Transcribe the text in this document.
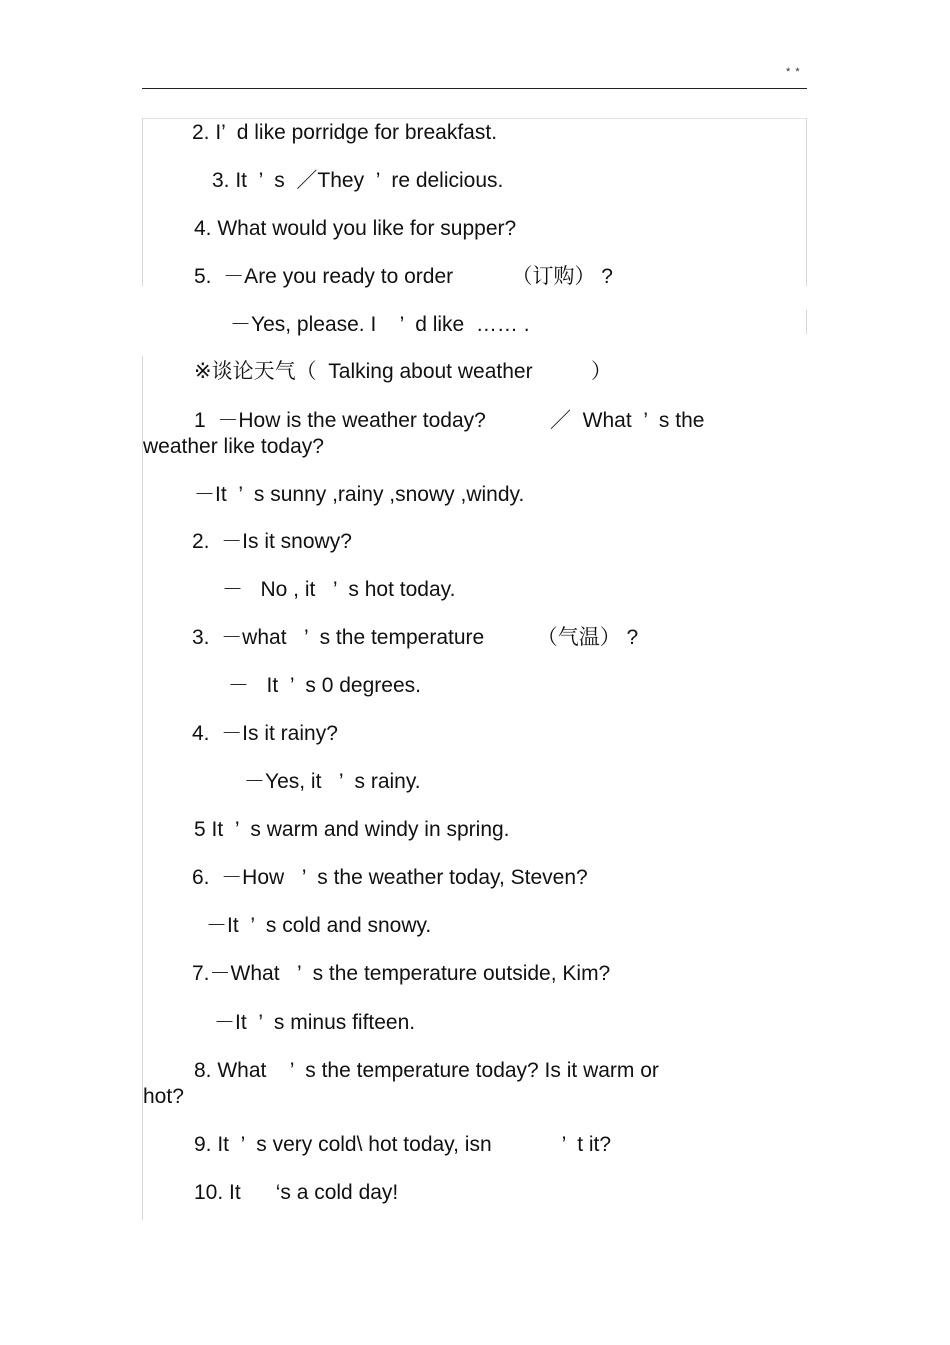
* *
2. I’  d like porridge for breakfast.
3. It  ’  s  ／They  ’  re delicious.
4. What would you like for supper?
5.  －Are you ready to order          （订购） ?
－Yes, please. I    ’  d like  …… .
※谈论天气（  Talking about weather          ）
1  －How is the weather today?           ／  What  ’  s the
weather like today?
－It  ’  s sunny ,rainy ,snowy ,windy.
2.  －Is it snowy?
－   No , it   ’  s hot today.
3.  －what   ’  s the temperature         （气温） ?
－   It  ’  s 0 degrees.
4.  －Is it rainy?
－Yes, it   ’  s rainy.
5 It  ’  s warm and windy in spring.
6.  －How   ’  s the weather today, Steven?
－It  ’  s cold and snowy.
7.－What   ’  s the temperature outside, Kim?
－It  ’  s minus fifteen.
8. What    ’  s the temperature today? Is it warm or
hot?
9. It  ’  s very cold\ hot today, isn            ’  t it?
10. It      ‘s a cold day!
